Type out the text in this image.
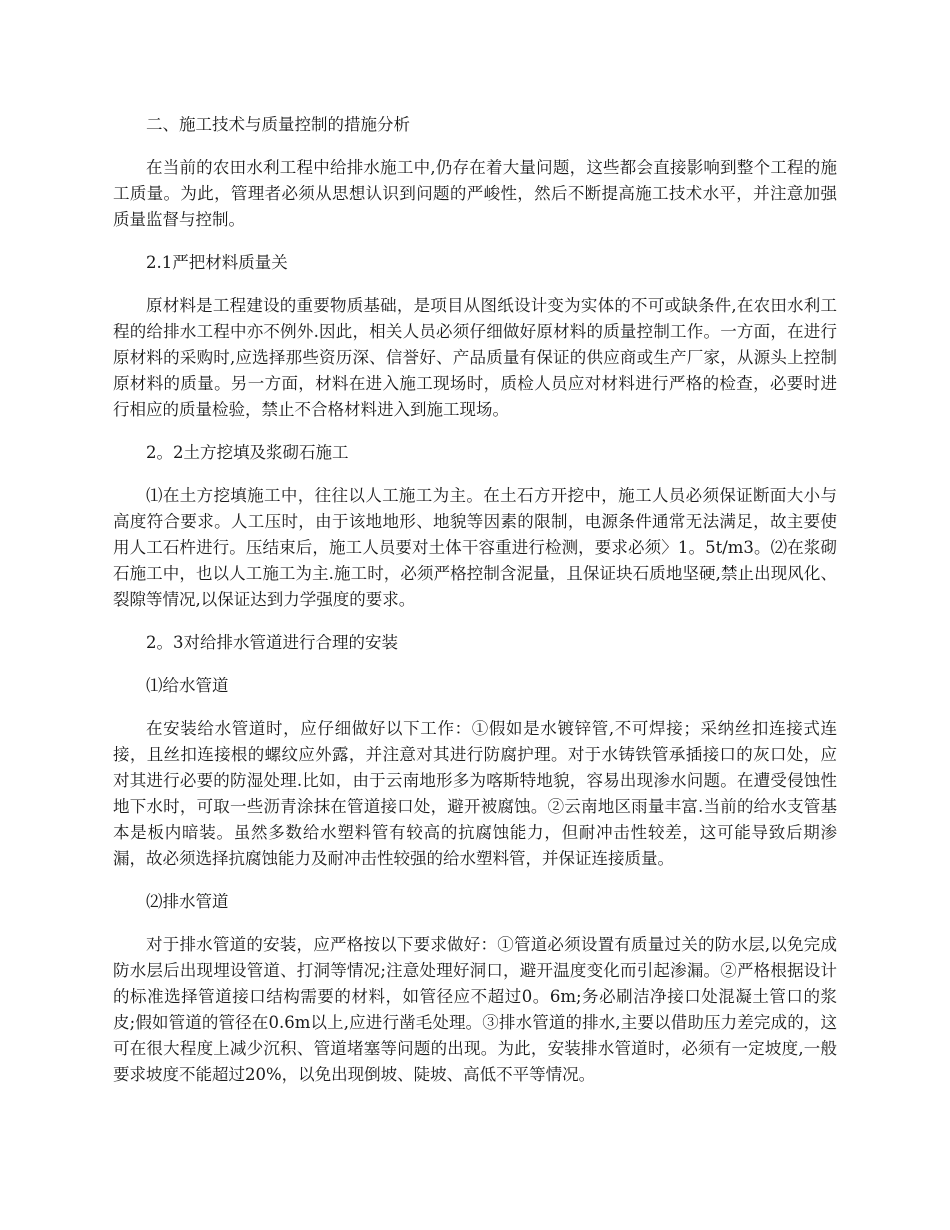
二、施工技术与质量控制的措施分析

在当前的农田水利工程中给排水施工中,仍存在着大量问题，这些都会直接影响到整个工程的施工质量。为此，管理者必须从思想认识到问题的严峻性，然后不断提高施工技术水平，并注意加强质量监督与控制。

2.1严把材料质量关

原材料是工程建设的重要物质基础，是项目从图纸设计变为实体的不可或缺条件,在农田水利工程的给排水工程中亦不例外.因此，相关人员必须仔细做好原材料的质量控制工作。一方面，在进行原材料的采购时,应选择那些资历深、信誉好、产品质量有保证的供应商或生产厂家，从源头上控制原材料的质量。另一方面，材料在进入施工现场时，质检人员应对材料进行严格的检查，必要时进行相应的质量检验，禁止不合格材料进入到施工现场。

2。2土方挖填及浆砌石施工

⑴在土方挖填施工中，往往以人工施工为主。在土石方开挖中，施工人员必须保证断面大小与高度符合要求。人工压时，由于该地地形、地貌等因素的限制，电源条件通常无法满足，故主要使用人工石杵进行。压结束后，施工人员要对土体干容重进行检测，要求必须〉1。5t/m3。⑵在浆砌石施工中，也以人工施工为主.施工时，必须严格控制含泥量，且保证块石质地坚硬,禁止出现风化、裂隙等情况,以保证达到力学强度的要求。

2。3对给排水管道进行合理的安装

⑴给水管道

在安装给水管道时，应仔细做好以下工作：①假如是水镀锌管,不可焊接；采纳丝扣连接式连接，且丝扣连接根的螺纹应外露，并注意对其进行防腐护理。对于水铸铁管承插接口的灰口处，应对其进行必要的防湿处理.比如，由于云南地形多为喀斯特地貌，容易出现渗水问题。在遭受侵蚀性地下水时，可取一些沥青涂抹在管道接口处，避开被腐蚀。②云南地区雨量丰富.当前的给水支管基本是板内暗装。虽然多数给水塑料管有较高的抗腐蚀能力，但耐冲击性较差，这可能导致后期渗漏，故必须选择抗腐蚀能力及耐冲击性较强的给水塑料管，并保证连接质量。

⑵排水管道

对于排水管道的安装，应严格按以下要求做好：①管道必须设置有质量过关的防水层,以免完成防水层后出现埋设管道、打洞等情况;注意处理好洞口，避开温度变化而引起渗漏。②严格根据设计的标准选择管道接口结构需要的材料，如管径应不超过0。6m;务必刷洁净接口处混凝土管口的浆皮;假如管道的管径在0.6m以上,应进行凿毛处理。③排水管道的排水,主要以借助压力差完成的，这可在很大程度上减少沉积、管道堵塞等问题的出现。为此，安装排水管道时，必须有一定坡度,一般要求坡度不能超过20%，以免出现倒坡、陡坡、高低不平等情况。
